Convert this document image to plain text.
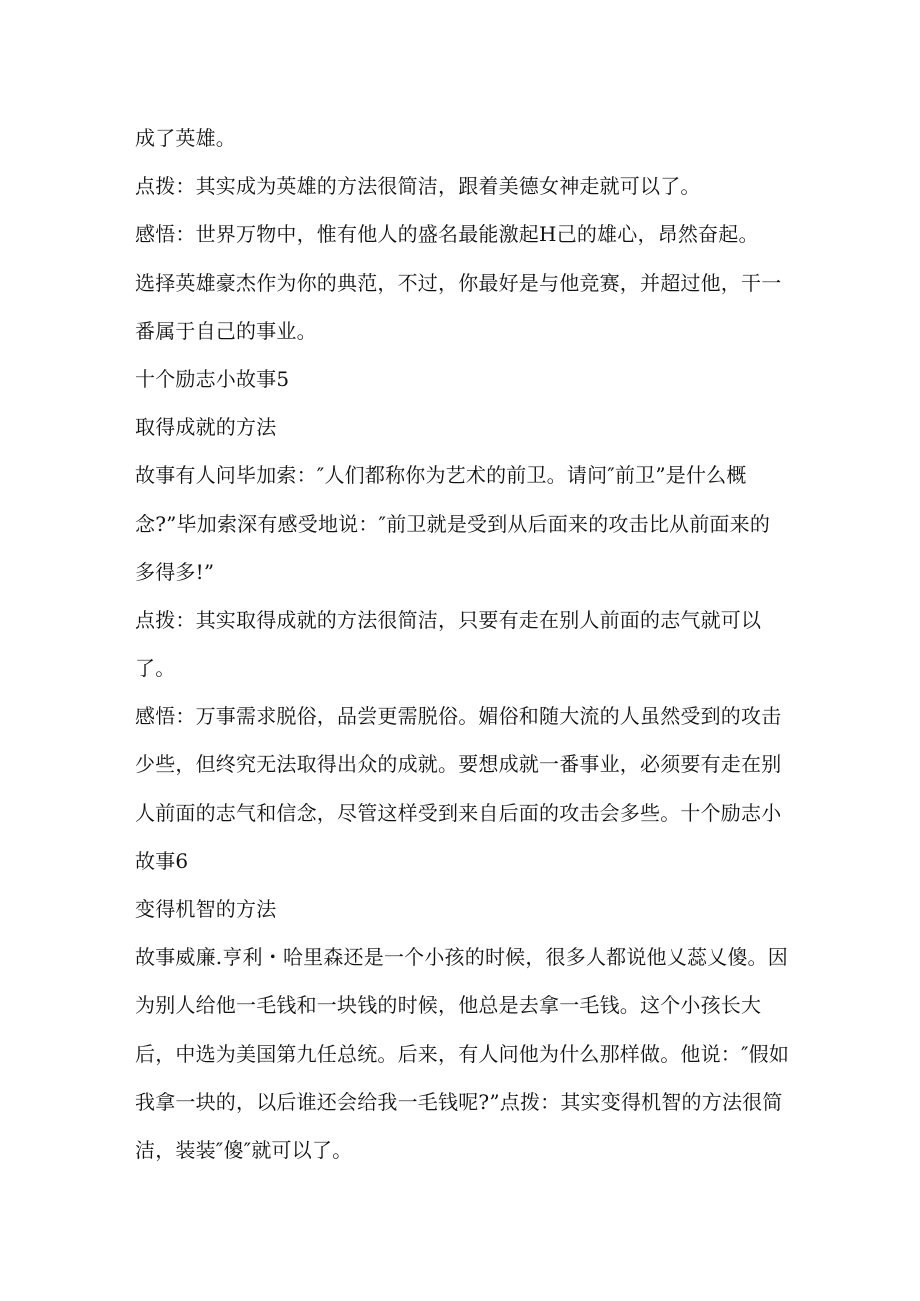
成了英雄。
点拨：其实成为英雄的方法很简洁，跟着美德女神走就可以了。
感悟：世界万物中，惟有他人的盛名最能激起H己的雄心，昂然奋起。
选择英雄豪杰作为你的典范，不过，你最好是与他竞赛，并超过他，干一
番属于自己的事业。
十个励志小故事5
取得成就的方法
故事有人问毕加索：″人们都称你为艺术的前卫。请问″前卫”是什么概
念?”毕加索深有感受地说：″前卫就是受到从后面来的攻击比从前面来的
多得多!”
点拨：其实取得成就的方法很简洁，只要有走在别人前面的志气就可以
了。
感悟：万事需求脱俗，品尝更需脱俗。媚俗和随大流的人虽然受到的攻击
少些，但终究无法取得出众的成就。要想成就一番事业，必须要有走在别
人前面的志气和信念，尽管这样受到来自后面的攻击会多些。十个励志小
故事6
变得机智的方法
故事威廉.亨利・哈里森还是一个小孩的时候，很多人都说他乂蕊乂傻。因
为别人给他一毛钱和一块钱的时候，他总是去拿一毛钱。这个小孩长大
后，中选为美国第九任总统。后来，有人问他为什么那样做。他说：″假如
我拿一块的，以后谁还会给我一毛钱呢?”点拨：其实变得机智的方法很简
洁，装装″傻″就可以了。
